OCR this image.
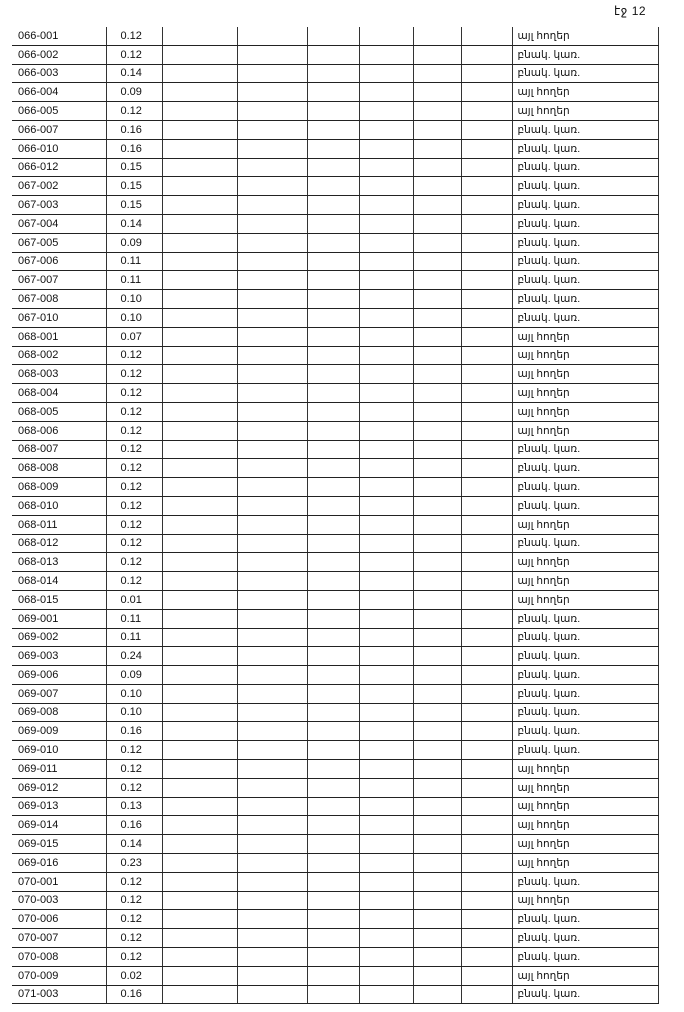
էջ 12
066-001	0.12							այլ հողեր
066-002	0.12							բնակ. կառ.
066-003	0.14							բնակ. կառ.
066-004	0.09							այլ հողեր
066-005	0.12							այլ հողեր
066-007	0.16							բնակ. կառ.
066-010	0.16							բնակ. կառ.
066-012	0.15							բնակ. կառ.
067-002	0.15							բնակ. կառ.
067-003	0.15							բնակ. կառ.
067-004	0.14							բնակ. կառ.
067-005	0.09							բնակ. կառ.
067-006	0.11							բնակ. կառ.
067-007	0.11							բնակ. կառ.
067-008	0.10							բնակ. կառ.
067-010	0.10							բնակ. կառ.
068-001	0.07							այլ հողեր
068-002	0.12							այլ հողեր
068-003	0.12							այլ հողեր
068-004	0.12							այլ հողեր
068-005	0.12							այլ հողեր
068-006	0.12							այլ հողեր
068-007	0.12							բնակ. կառ.
068-008	0.12							բնակ. կառ.
068-009	0.12							բնակ. կառ.
068-010	0.12							բնակ. կառ.
068-011	0.12							այլ հողեր
068-012	0.12							բնակ. կառ.
068-013	0.12							այլ հողեր
068-014	0.12							այլ հողեր
068-015	0.01							այլ հողեր
069-001	0.11							բնակ. կառ.
069-002	0.11							բնակ. կառ.
069-003	0.24							բնակ. կառ.
069-006	0.09							բնակ. կառ.
069-007	0.10							բնակ. կառ.
069-008	0.10							բնակ. կառ.
069-009	0.16							բնակ. կառ.
069-010	0.12							բնակ. կառ.
069-011	0.12							այլ հողեր
069-012	0.12							այլ հողեր
069-013	0.13							այլ հողեր
069-014	0.16							այլ հողեր
069-015	0.14							այլ հողեր
069-016	0.23							այլ հողեր
070-001	0.12							բնակ. կառ.
070-003	0.12							այլ հողեր
070-006	0.12							բնակ. կառ.
070-007	0.12							բնակ. կառ.
070-008	0.12							բնակ. կառ.
070-009	0.02							այլ հողեր
071-003	0.16							բնակ. կառ.
